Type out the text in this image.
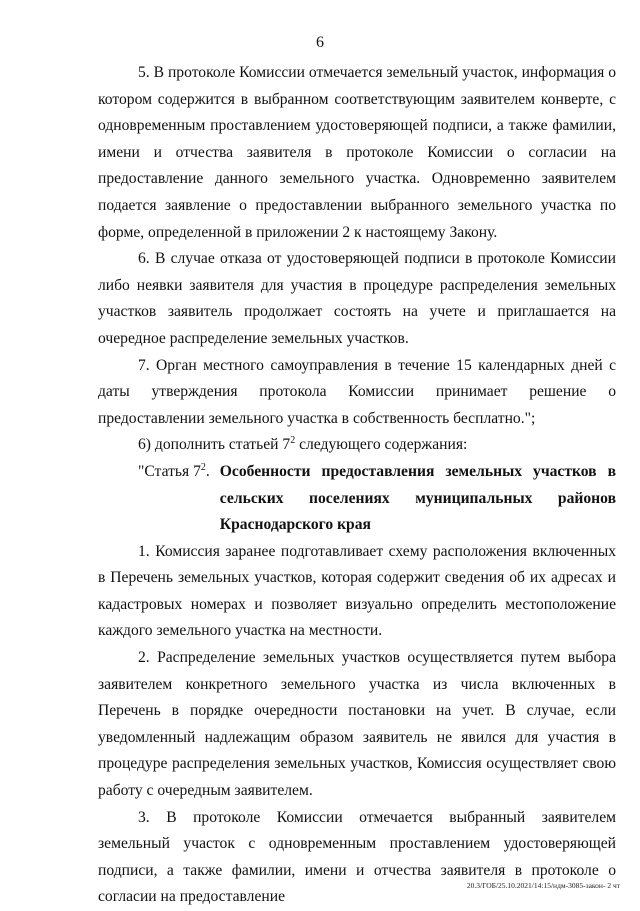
6

5. В протоколе Комиссии отмечается земельный участок, информация о котором содержится в выбранном соответствующим заявителем конверте, с одновременным проставлением удостоверяющей подписи, а также фамилии, имени и отчества заявителя в протоколе Комиссии о согласии на предоставление данного земельного участка. Одновременно заявителем подается заявление о предоставлении выбранного земельного участка по форме, определенной в приложении 2 к настоящему Закону.

6. В случае отказа от удостоверяющей подписи в протоколе Комиссии либо неявки заявителя для участия в процедуре распределения земельных участков заявитель продолжает состоять на учете и приглашается на очередное распределение земельных участков.

7. Орган местного самоуправления в течение 15 календарных дней с даты утверждения протокола Комиссии принимает решение о предоставлении земельного участка в собственность бесплатно.";

6) дополнить статьей $7^2$ следующего содержания:

"Статья $7^2$. Особенности предоставления земельных участков в сельских поселениях муниципальных районов Краснодарского края

1. Комиссия заранее подготавливает схему расположения включенных в Перечень земельных участков, которая содержит сведения об их адресах и кадастровых номерах и позволяет визуально определить местоположение каждого земельного участка на местности.

2. Распределение земельных участков осуществляется путем выбора заявителем конкретного земельного участка из числа включенных в Перечень в порядке очередности постановки на учет. В случае, если уведомленный надлежащим образом заявитель не явился для участия в процедуре распределения земельных участков, Комиссия осуществляет свою работу с очередным заявителем.

3. В протоколе Комиссии отмечается выбранный заявителем земельный участок с одновременным проставлением удостоверяющей подписи, а также фамилии, имени и отчества заявителя в протоколе о согласии на предоставление

20.3/ГОБ/25.10.2021/14:15/ндм-3085-закон- 2 чт
